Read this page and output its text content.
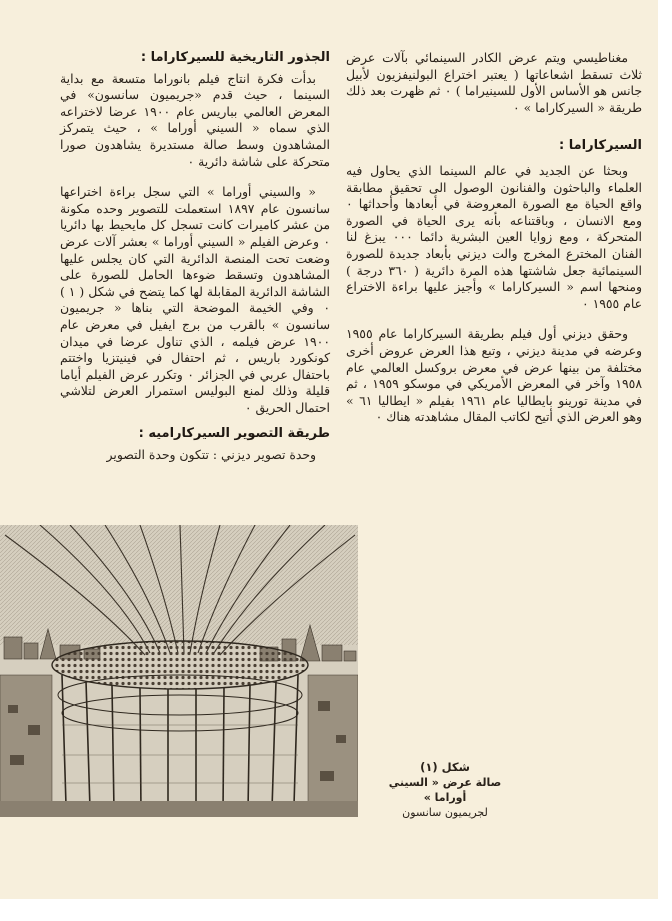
مغناطيسي ويتم عرض الكادر السينمائي بآلات عرض ثلاث تسقط اشعاعاتها ( يعتبر اختراع البولنيفزيون لأبيل جانس هو الأساس الأول للسينيراما ) ٠ ثم ظهرت بعد ذلك طريقة « السيركاراما » ٠

السيركاراما :

وبحثا عن الجديد في عالم السينما الذي يحاول فيه العلماء والباحثون والفنانون الوصول الى تحقيق مطابقة واقع الحياة مع الصورة المعروضة في أبعادها وأحداثها ٠ ومع الانسان ، وباقتناعه بأنه يرى الحياة في الصورة المتحركة ، ومع زوايا العين البشرية دائما ٠٠٠ يبزغ لنا الفنان المخترع المخرج والت ديزني بأبعاد جديدة للصورة السينمائية جعل شاشتها هذه المرة دائرية ( ٣٦٠ درجة ) ومنحها اسم « السيركاراما » وأجيز عليها براءة الاختراع عام ١٩٥٥ ٠

وحقق ديزني أول فيلم بطريقة السيركاراما عام ١٩٥٥ وعرضه في مدينة ديزني ، وتبع هذا العرض عروض أخرى مختلفة من بينها عرض في معرض بروكسل العالمي عام ١٩٥٨ وآخر في المعرض الأمريكي في موسكو ١٩٥٩ ، ثم في مدينة تورينو بايطاليا عام ١٩٦١ بفيلم « ايطاليا ٦١ » وهو العرض الذي أتيح لكاتب المقال مشاهدته هناك ٠

الجذور التاريخية للسيركاراما :

بدأت فكرة انتاج فيلم بانوراما متسعة مع بداية السينما ، حيث قدم «جريميون سانسون» في المعرض العالمي بباريس عام ١٩٠٠ عرضا لاختراعه الذي سماه « السيني أوراما » ، حيث يتمركز المشاهدون وسط صالة مستديرة يشاهدون صورا متحركة على شاشة دائرية ٠

« والسيني أوراما » التي سجل براءة اختراعها سانسون عام ١٨٩٧ استعملت للتصوير وحده مكونة من عشر كاميرات كانت تسجل كل مايحيط بها دائريا ٠ وعرض الفيلم « السيني أوراما » بعشر آلات عرض وضعت تحت المنصة الدائرية التي كان يجلس عليها المشاهدون وتسقط ضوءها الحامل للصورة على الشاشة الدائرية المقابلة لها كما يتضح في شكل ( ١ ) ٠ وفي الخيمة الموضحة التي بناها « جريميون سانسون » بالقرب من برج ايفيل في معرض عام ١٩٠٠ عرض فيلمه ، الذي تناول عرضا في ميدان كونكورد باريس ، ثم احتفال في فينيتزيا واختتم باحتفال عربي في الجزائر ٠ وتكرر عرض الفيلم أياما قليلة وذلك لمنع البوليس استمرار العرض لتلاشي احتمال الحريق ٠

طريقة التصوير السيركاراميه :

وحدة تصوير ديزني : تتكون وحدة التصوير

شكل (١)
صالة عرض « السيني أوراما »
لجريميون سانسون
